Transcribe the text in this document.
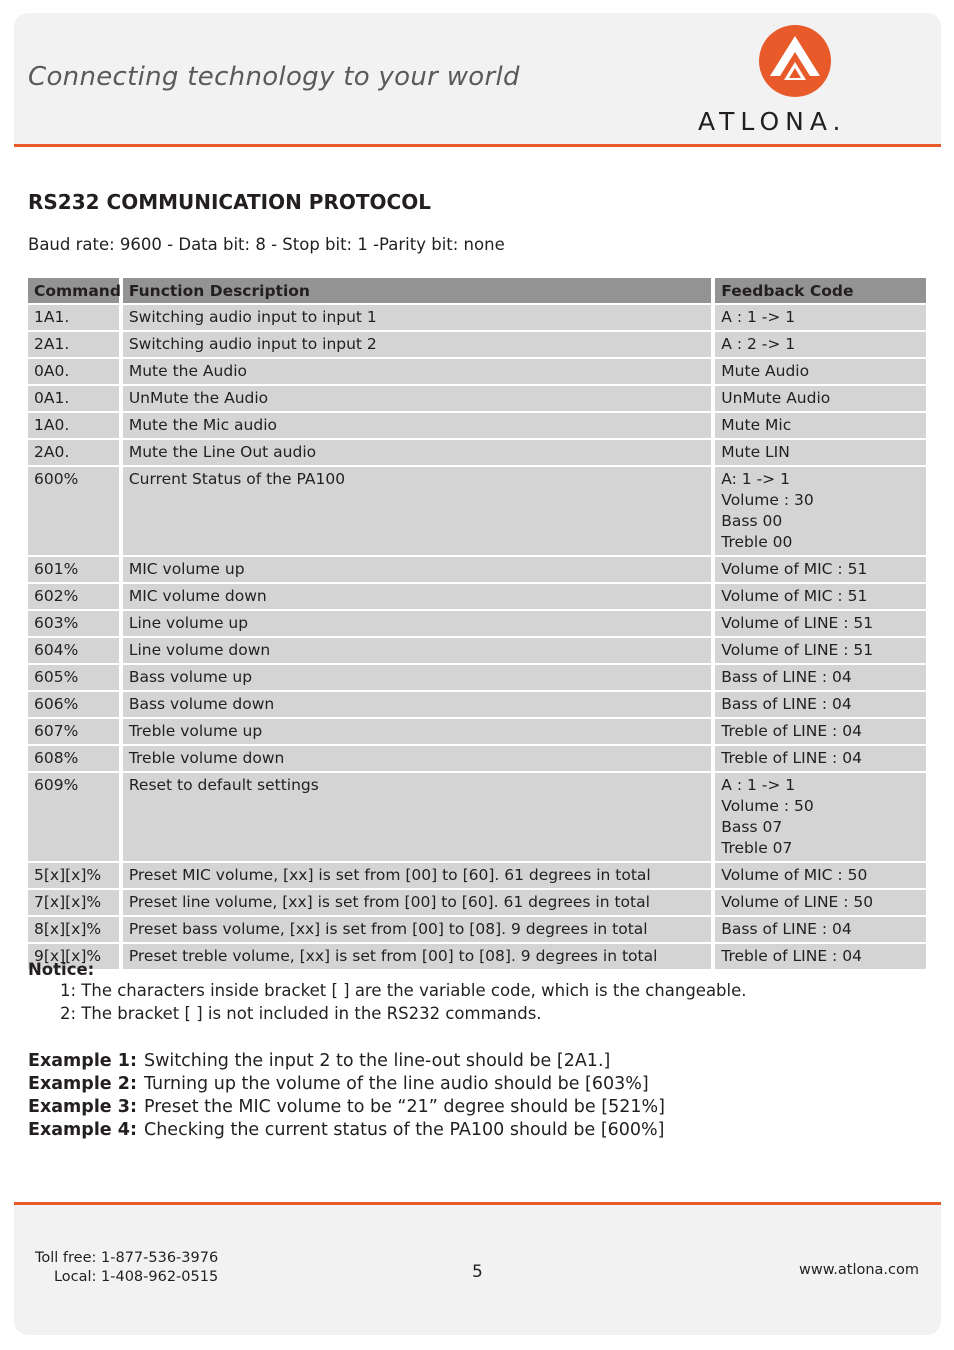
Connecting technology to your world
ATLONA.
RS232 COMMUNICATION PROTOCOL
Baud rate: 9600 - Data bit: 8 - Stop bit: 1 -Parity bit: none
Command	Function Description	Feedback Code
1A1.	Switching audio input to input 1	A : 1 -> 1

2A1.	Switching audio input to input 2	A : 2 -> 1

0A0.	Mute the Audio	Mute Audio

0A1.	UnMute the Audio	UnMute Audio

1A0.	Mute the Mic audio	Mute Mic

2A0.	Mute the Line Out audio	Mute LIN

600%	Current Status of the PA100	A: 1 -> 1
Volume : 30
Bass 00
Treble 00

601%	MIC volume up	Volume of MIC : 51

602%	MIC volume down	Volume of MIC : 51

603%	Line volume up	Volume of LINE : 51

604%	Line volume down	Volume of LINE : 51

605%	Bass volume up	Bass of LINE : 04

606%	Bass volume down	Bass of LINE : 04

607%	Treble volume up	Treble of LINE : 04

608%	Treble volume down	Treble of LINE : 04

609%	Reset to default settings	A : 1 -> 1
Volume : 50
Bass 07
Treble 07

5[x][x]%	Preset MIC volume, [xx] is set from [00] to [60]. 61 degrees in total	Volume of MIC : 50

7[x][x]%	Preset line volume, [xx] is set from [00] to [60]. 61 degrees in total	Volume of LINE : 50

8[x][x]%	Preset bass volume, [xx] is set from [00] to [08]. 9 degrees in total	Bass of LINE : 04

9[x][x]%	Preset treble volume, [xx] is set from [00] to [08]. 9 degrees in total	Treble of LINE : 04
Notice:
1: The characters inside bracket [ ] are the variable code, which is the changeable.
2: The bracket [ ] is not included in the RS232 commands.
Example 1: Switching the input 2 to the line-out should be [2A1.]
Example 2: Turning up the volume of the line audio should be [603%]
Example 3: Preset the MIC volume to be “21” degree should be [521%]
Example 4: Checking the current status of the PA100 should be [600%]
Toll free: 1-877-536-3976
Local: 1-408-962-0515	5	www.atlona.com
